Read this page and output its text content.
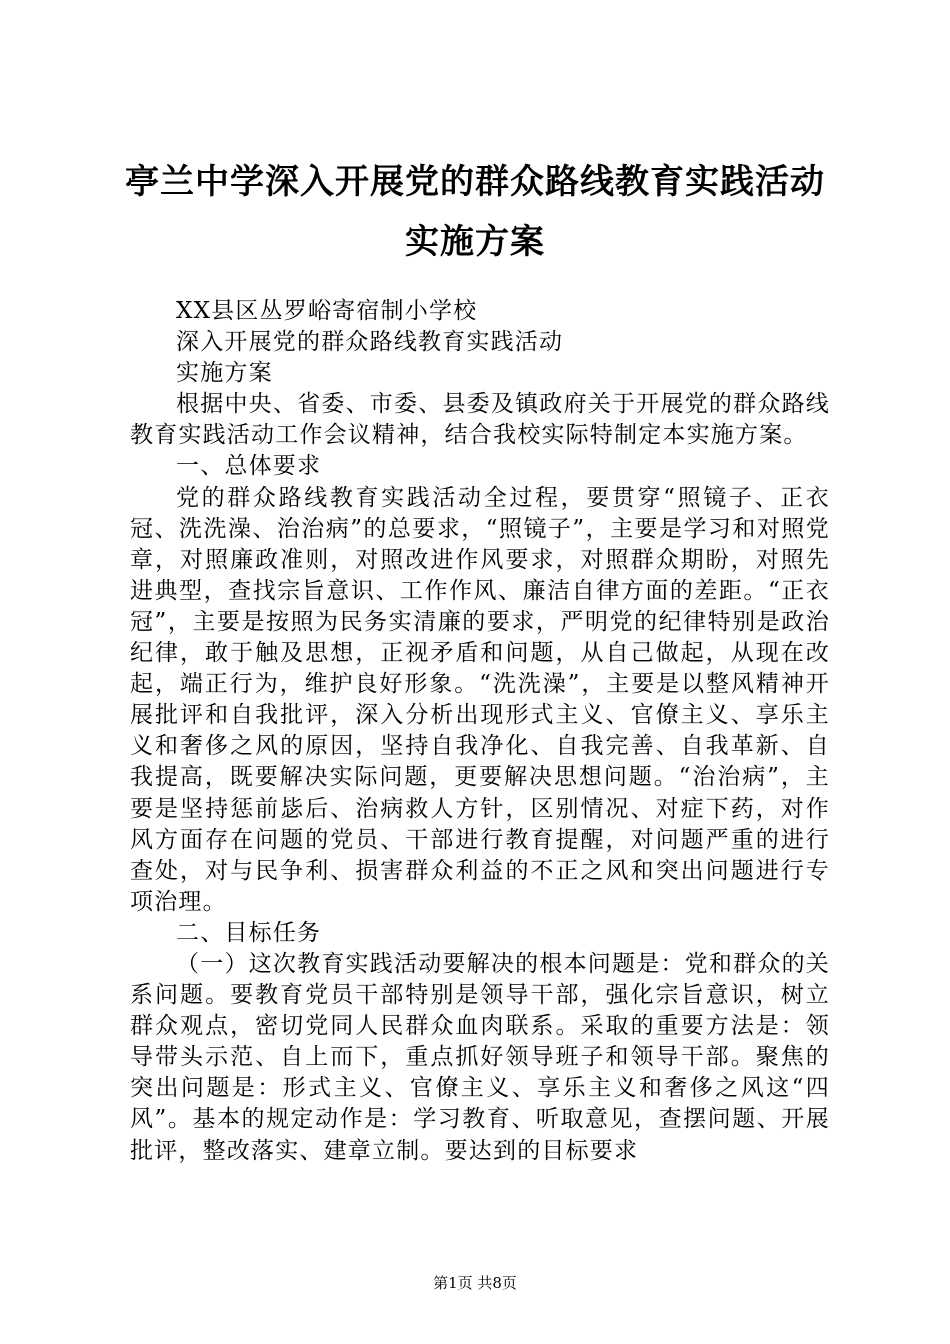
亭兰中学深入开展党的群众路线教育实践活动
实施方案

XX县区丛罗峪寄宿制小学校

深入开展党的群众路线教育实践活动

实施方案

根据中央、省委、市委、县委及镇政府关于开展党的群众路线教育实践活动工作会议精神，结合我校实际特制定本实施方案。

一、总体要求

党的群众路线教育实践活动全过程，要贯穿“照镜子、正衣冠、洗洗澡、治治病”的总要求，“照镜子”，主要是学习和对照党章，对照廉政准则，对照改进作风要求，对照群众期盼，对照先进典型，查找宗旨意识、工作作风、廉洁自律方面的差距。“正衣冠”，主要是按照为民务实清廉的要求，严明党的纪律特别是政治纪律，敢于触及思想，正视矛盾和问题，从自己做起，从现在改起，端正行为，维护良好形象。“洗洗澡”，主要是以整风精神开展批评和自我批评，深入分析出现形式主义、官僚主义、享乐主义和奢侈之风的原因，坚持自我净化、自我完善、自我革新、自我提高，既要解决实际问题，更要解决思想问题。“治治病”，主要是坚持惩前毖后、治病救人方针，区别情况、对症下药，对作风方面存在问题的党员、干部进行教育提醒，对问题严重的进行查处，对与民争利、损害群众利益的不正之风和突出问题进行专项治理。

二、目标任务

（一）这次教育实践活动要解决的根本问题是：党和群众的关系问题。要教育党员干部特别是领导干部，强化宗旨意识，树立群众观点，密切党同人民群众血肉联系。采取的重要方法是：领导带头示范、自上而下，重点抓好领导班子和领导干部。聚焦的突出问题是：形式主义、官僚主义、享乐主义和奢侈之风这“四风”。基本的规定动作是：学习教育、听取意见，查摆问题、开展批评，整改落实、建章立制。要达到的目标要求

第1页 共8页
